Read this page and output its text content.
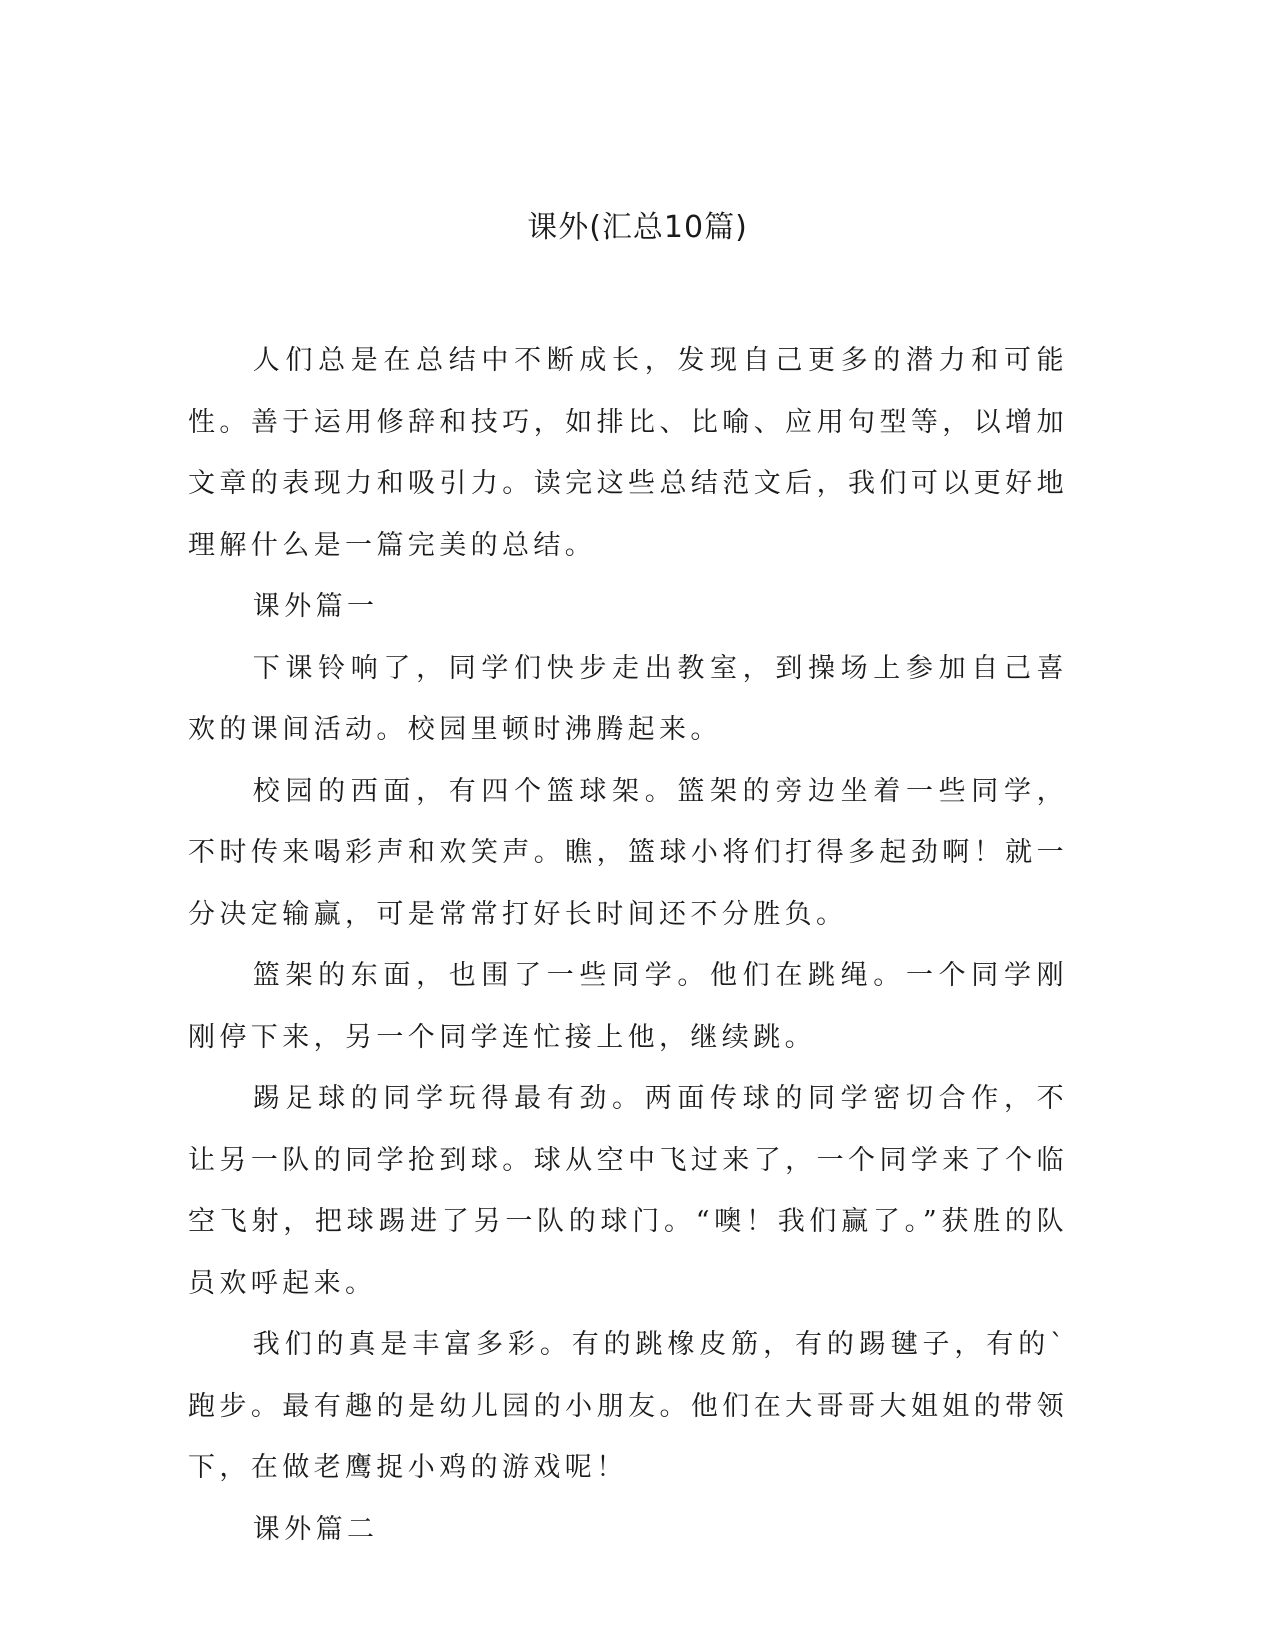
课外(汇总10篇)

人们总是在总结中不断成长，发现自己更多的潜力和可能性。善于运用修辞和技巧，如排比、比喻、应用句型等，以增加文章的表现力和吸引力。读完这些总结范文后，我们可以更好地理解什么是一篇完美的总结。

课外篇一

下课铃响了，同学们快步走出教室，到操场上参加自己喜欢的课间活动。校园里顿时沸腾起来。

校园的西面，有四个篮球架。篮架的旁边坐着一些同学，不时传来喝彩声和欢笑声。瞧，篮球小将们打得多起劲啊！就一分决定输赢，可是常常打好长时间还不分胜负。

篮架的东面，也围了一些同学。他们在跳绳。一个同学刚刚停下来，另一个同学连忙接上他，继续跳。

踢足球的同学玩得最有劲。两面传球的同学密切合作，不让另一队的同学抢到球。球从空中飞过来了，一个同学来了个临空飞射，把球踢进了另一队的球门。“噢！我们赢了。”获胜的队员欢呼起来。

我们的真是丰富多彩。有的跳橡皮筋，有的踢毽子，有的`跑步。最有趣的是幼儿园的小朋友。他们在大哥哥大姐姐的带领下，在做老鹰捉小鸡的游戏呢！

课外篇二
